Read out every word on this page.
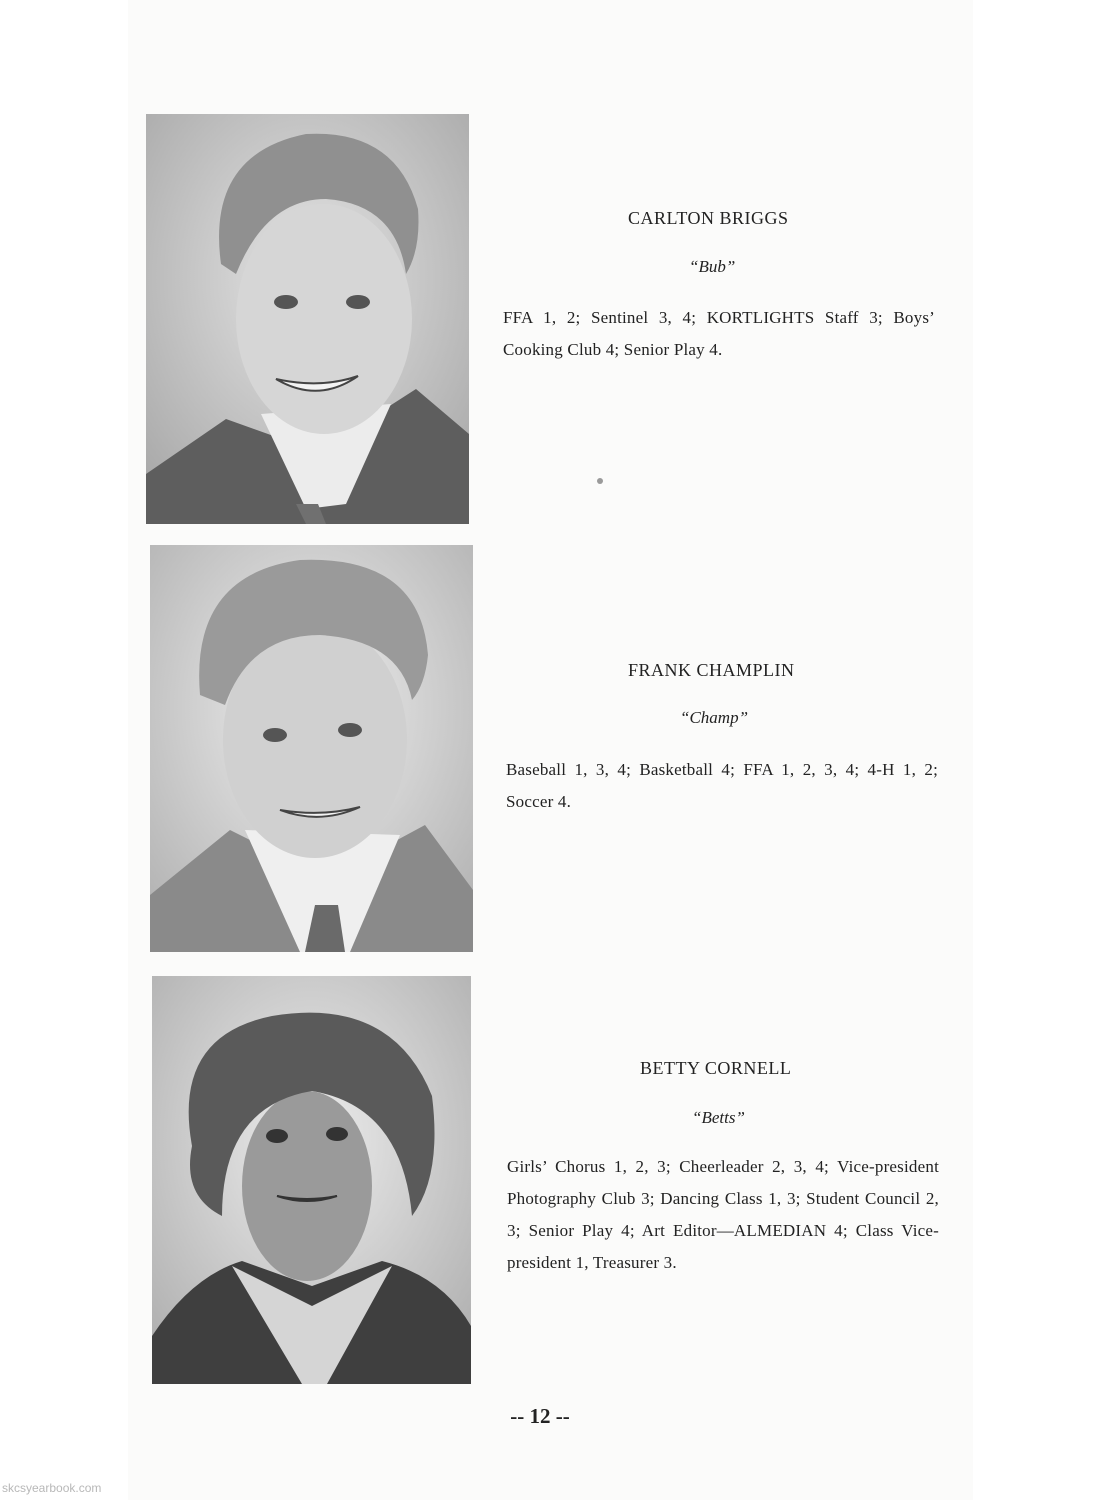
CARLTON BRIGGS
“Bub”
FFA 1, 2; Sentinel 3, 4; KORTLIGHTS Staff 3; Boys’ Cooking Club 4; Senior Play 4.
FRANK CHAMPLIN
“Champ”
Baseball 1, 3, 4; Basketball 4; FFA 1, 2, 3, 4; 4-H 1, 2; Soccer 4.
BETTY CORNELL
“Betts”
Girls’ Chorus 1, 2, 3; Cheerleader 2, 3, 4; Vice-president Photography Club 3; Dancing Class 1, 3; Student Council 2, 3; Senior Play 4; Art Editor—ALMEDIAN 4; Class Vice-president 1, Treasurer 3.
-- 12 --
skcsyearbook.com
